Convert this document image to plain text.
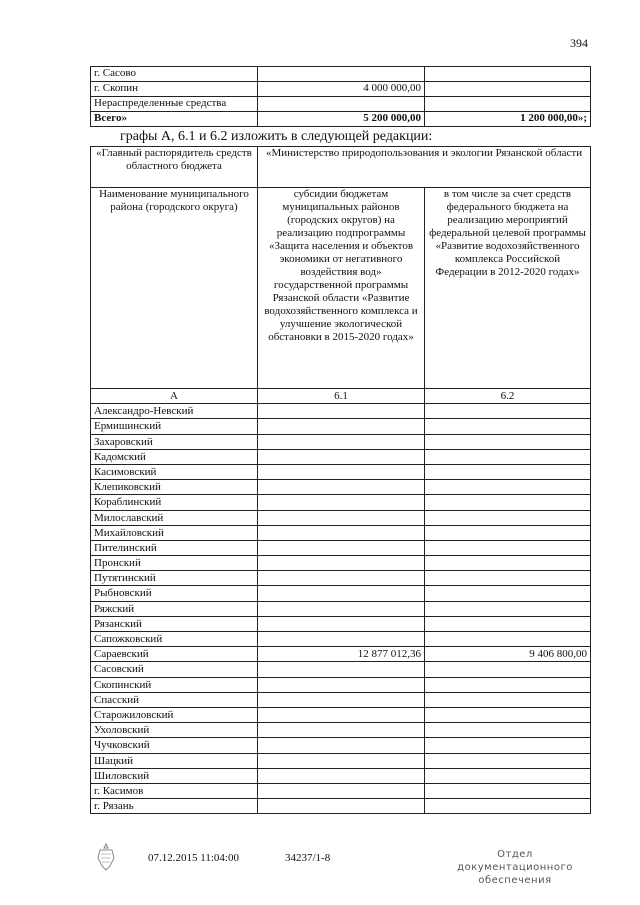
394
г. Сасово		
г. Скопин	4 000 000,00	
Нераспределенные средства		
Всего»	5 200 000,00	1 200 000,00»;
графы А, 6.1 и 6.2 изложить в следующей редакции:
«Главный распорядитель средств областного бюджета	«Министерство природопользования и экологии Рязанской области	
Наименование муниципального района (городского округа)	субсидии бюджетам муниципальных районов (городских округов) на реализацию подпрограммы «Защита населения и объектов экономики от негативного воздействия вод» государственной программы Рязанской области «Развитие водохозяйственного комплекса и улучшение экологической обстановки в 2015-2020 годах»	в том числе за счет средств федерального бюджета на реализацию мероприятий федеральной целевой программы «Развитие водохозяйственного комплекса Российской Федерации в 2012-2020 годах»
А	6.1	6.2
Александро-Невский		
Ермишинский		
Захаровский		
Кадомский		
Касимовский		
Клепиковский		
Кораблинский		
Милославский		
Михайловский		
Пителинский		
Пронский		
Путятинский		
Рыбновский		
Ряжский		
Рязанский		
Сапожковский		
Сараевский	12 877 012,36	9 406 800,00
Сасовский		
Скопинский		
Спасский		
Старожиловский		
Ухоловский		
Чучковский		
Шацкий		
Шиловский		
г. Касимов		
г. Рязань		
07.12.2015 11:04:00	34237/1-8	Отдел документационного
обеспечения
